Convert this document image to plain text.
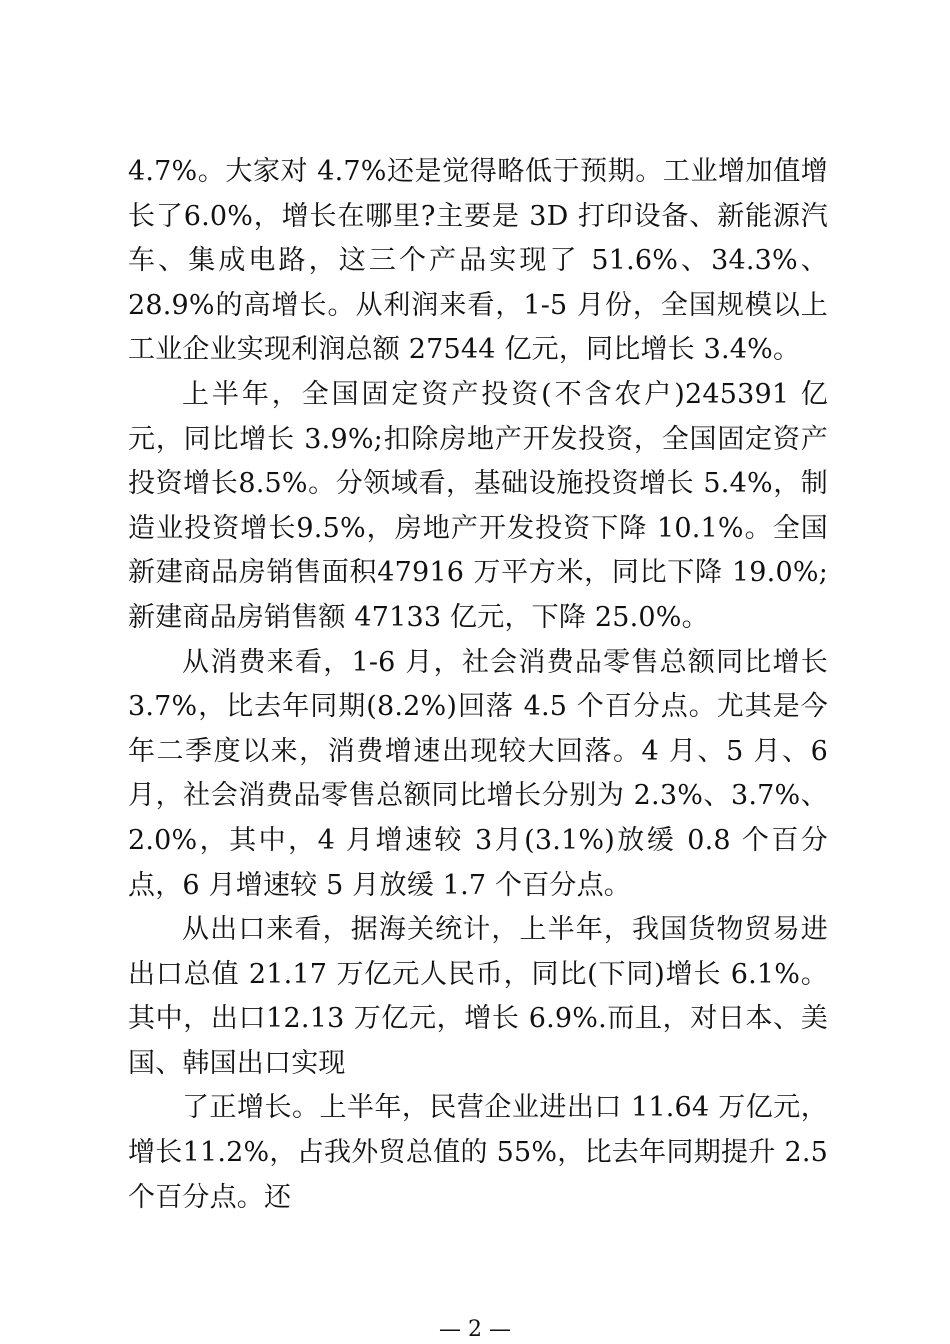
4.7%。大家对 4.7%还是觉得略低于预期。工业增加值增长了6.0%，增长在哪里?主要是 3D 打印设备、新能源汽车、集成电路，这三个产品实现了 51.6%、34.3%、28.9%的高增长。从利润来看，1-5 月份，全国规模以上工业企业实现利润总额 27544 亿元，同比增长 3.4%。

上半年，全国固定资产投资(不含农户)245391 亿元，同比增长 3.9%;扣除房地产开发投资，全国固定资产投资增长8.5%。分领域看，基础设施投资增长 5.4%，制造业投资增长9.5%，房地产开发投资下降 10.1%。全国新建商品房销售面积47916 万平方米，同比下降 19.0%;新建商品房销售额 47133 亿元，下降 25.0%。

从消费来看，1-6 月，社会消费品零售总额同比增长 3.7%，比去年同期(8.2%)回落 4.5 个百分点。尤其是今年二季度以来，消费增速出现较大回落。4 月、5 月、6 月，社会消费品零售总额同比增长分别为 2.3%、3.7%、2.0%，其中，4 月增速较 3月(3.1%)放缓 0.8 个百分点，6 月增速较 5 月放缓 1.7 个百分点。

从出口来看，据海关统计，上半年，我国货物贸易进出口总值 21.17 万亿元人民币，同比(下同)增长 6.1%。其中，出口12.13 万亿元，增长 6.9%.而且，对日本、美国、韩国出口实现

了正增长。上半年，民营企业进出口 11.64 万亿元，增长11.2%，占我外贸总值的 55%，比去年同期提升 2.5 个百分点。还

— 2 —
